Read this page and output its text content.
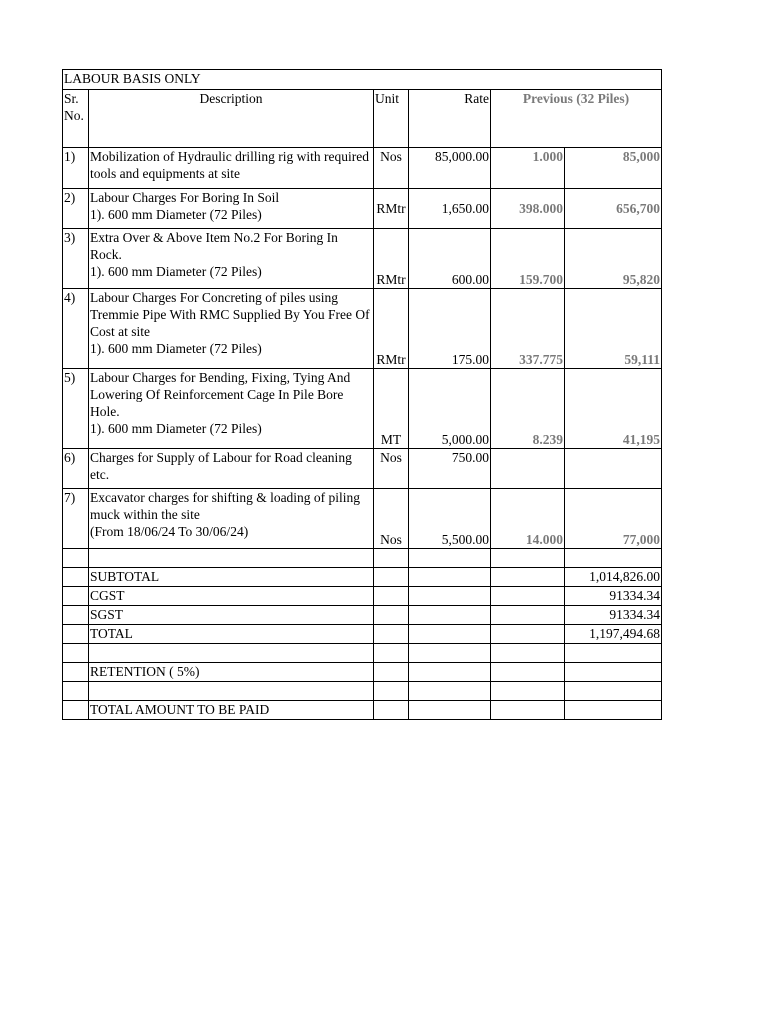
LABOUR BASIS ONLY					
Sr. No.	Description	Unit	Rate	Previous (32 Piles)	
1)	Mobilization of Hydraulic drilling rig with required tools and equipments at site	Nos	85,000.00	1.000	85,000
2)	Labour Charges For Boring In Soil
1). 600 mm Diameter (72 Piles)	RMtr	1,650.00	398.000	656,700
3)	Extra Over & Above Item No.2 For Boring In Rock.
1). 600 mm Diameter (72 Piles)	RMtr	600.00	159.700	95,820
4)	Labour Charges For Concreting of piles using Tremmie Pipe With RMC Supplied By You Free Of Cost at site
1). 600 mm Diameter (72 Piles)	RMtr	175.00	337.775	59,111
5)	Labour Charges for Bending, Fixing, Tying And Lowering Of Reinforcement Cage In Pile Bore Hole.
1). 600 mm Diameter (72 Piles)	MT	5,000.00	8.239	41,195
6)	Charges for Supply of Labour for Road cleaning etc.	Nos	750.00		
7)	Excavator charges for shifting & loading of piling muck within the site
(From 18/06/24 To 30/06/24)	Nos	5,500.00	14.000	77,000

	SUBTOTAL				1,014,826.00
	CGST				91334.34
	SGST				91334.34
	TOTAL				1,197,494.68

	RETENTION ( 5%)				

	TOTAL AMOUNT TO BE PAID				
